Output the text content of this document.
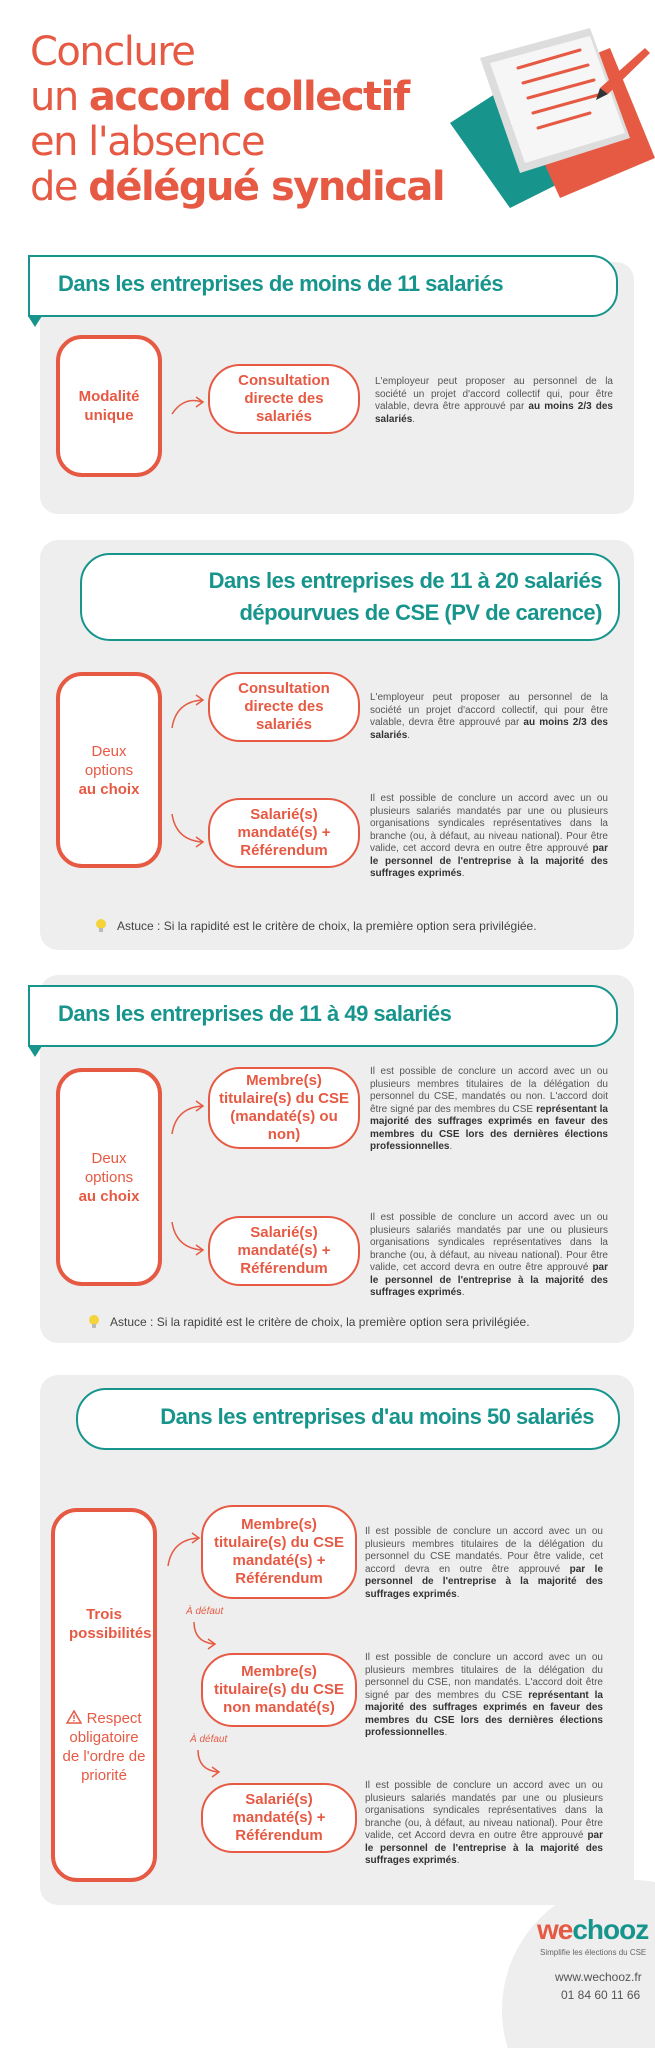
Conclure
un accord collectif
en l'absence
de délégué syndical
Dans les entreprises de moins de 11 salariés
Modalité unique
Consultation directe des salariés
L'employeur peut proposer au personnel de la société un projet d'accord collectif qui, pour être valable, devra être approuvé par au moins 2/3 des salariés.
Dans les entreprises de 11 à 20 salariés
dépourvues de CSE (PV de carence)
Deux options
au choix
Consultation directe des salariés
L'employeur peut proposer au personnel de la société un projet d'accord collectif, qui pour être valable, devra être approuvé par au moins 2/3 des salariés.
Salarié(s) mandaté(s) + Référendum
Il est possible de conclure un accord avec un ou plusieurs salariés mandatés par une ou plusieurs organisations syndicales représentatives dans la branche (ou, à défaut, au niveau national). Pour être valide, cet accord devra en outre être approuvé par le personnel de l'entreprise à la majorité des suffrages exprimés.
Astuce : Si la rapidité est le critère de choix, la première option sera privilégiée.
Dans les entreprises de 11 à 49 salariés
Deux options
au choix
Membre(s) titulaire(s) du CSE (mandaté(s) ou non)
Il est possible de conclure un accord avec un ou plusieurs membres titulaires de la délégation du personnel du CSE, mandatés ou non. L'accord doit être signé par des membres du CSE représentant la majorité des suffrages exprimés en faveur des membres du CSE lors des dernières élections professionnelles.
Salarié(s) mandaté(s) + Référendum
Il est possible de conclure un accord avec un ou plusieurs salariés mandatés par une ou plusieurs organisations syndicales représentatives dans la branche (ou, à défaut, au niveau national). Pour être valide, cet accord devra en outre être approuvé par le personnel de l'entreprise à la majorité des suffrages exprimés.
Astuce : Si la rapidité est le critère de choix, la première option sera privilégiée.
Dans les entreprises d'au moins 50 salariés
Trois possibilités
Respect obligatoire de l'ordre de priorité
Membre(s) titulaire(s) du CSE mandaté(s) + Référendum
Il est possible de conclure un accord avec un ou plusieurs membres titulaires de la délégation du personnel du CSE mandatés. Pour être valide, cet accord devra en outre être approuvé par le personnel de l'entreprise à la majorité des suffrages exprimés.
À défaut
Membre(s) titulaire(s) du CSE non mandaté(s)
Il est possible de conclure un accord avec un ou plusieurs membres titulaires de la délégation du personnel du CSE, non mandatés. L'accord doit être signé par des membres du CSE représentant la majorité des suffrages exprimés en faveur des membres du CSE lors des dernières élections professionnelles.
À défaut
Salarié(s) mandaté(s) + Référendum
Il est possible de conclure un accord avec un ou plusieurs salariés mandatés par une ou plusieurs organisations syndicales représentatives dans la branche (ou, à défaut, au niveau national). Pour être valide, cet Accord devra en outre être approuvé par le personnel de l'entreprise à la majorité des suffrages exprimés.
wechooz
Simplifie les élections du CSE
www.wechooz.fr
01 84 60 11 66
